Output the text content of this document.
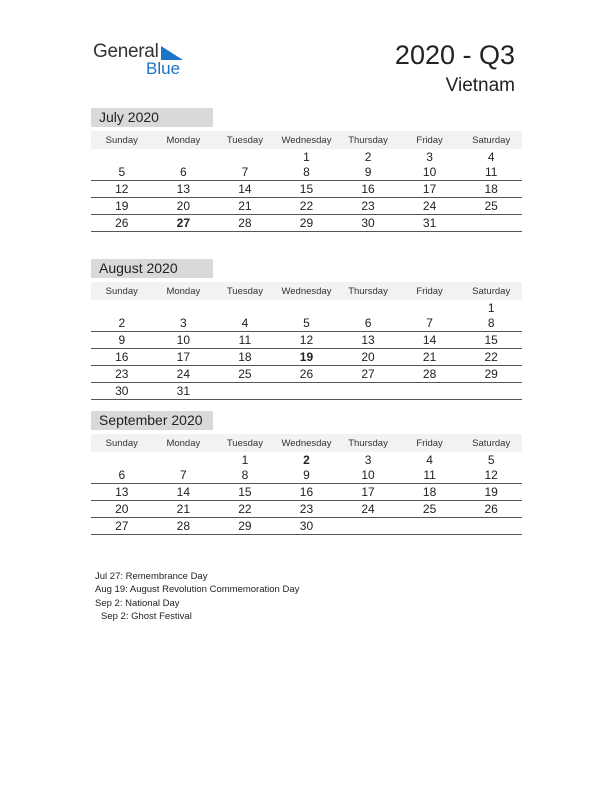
General
Blue	2020 - Q3
Vietnam
July 2020
Sunday	Monday	Tuesday	Wednesday	Thursday	Friday	Saturday
			1	2	3	4
5	6	7	8	9	10	11
12	13	14	15	16	17	18
19	20	21	22	23	24	25
26	27	28	29	30	31	
August 2020
Sunday	Monday	Tuesday	Wednesday	Thursday	Friday	Saturday
						1
2	3	4	5	6	7	8
9	10	11	12	13	14	15
16	17	18	19	20	21	22
23	24	25	26	27	28	29
30	31					
September 2020
Sunday	Monday	Tuesday	Wednesday	Thursday	Friday	Saturday
		1	2	3	4	5
6	7	8	9	10	11	12
13	14	15	16	17	18	19
20	21	22	23	24	25	26
27	28	29	30			
Jul 27: Remembrance Day
Aug 19: August Revolution Commemoration Day
Sep 2: National Day
Sep 2: Ghost Festival
